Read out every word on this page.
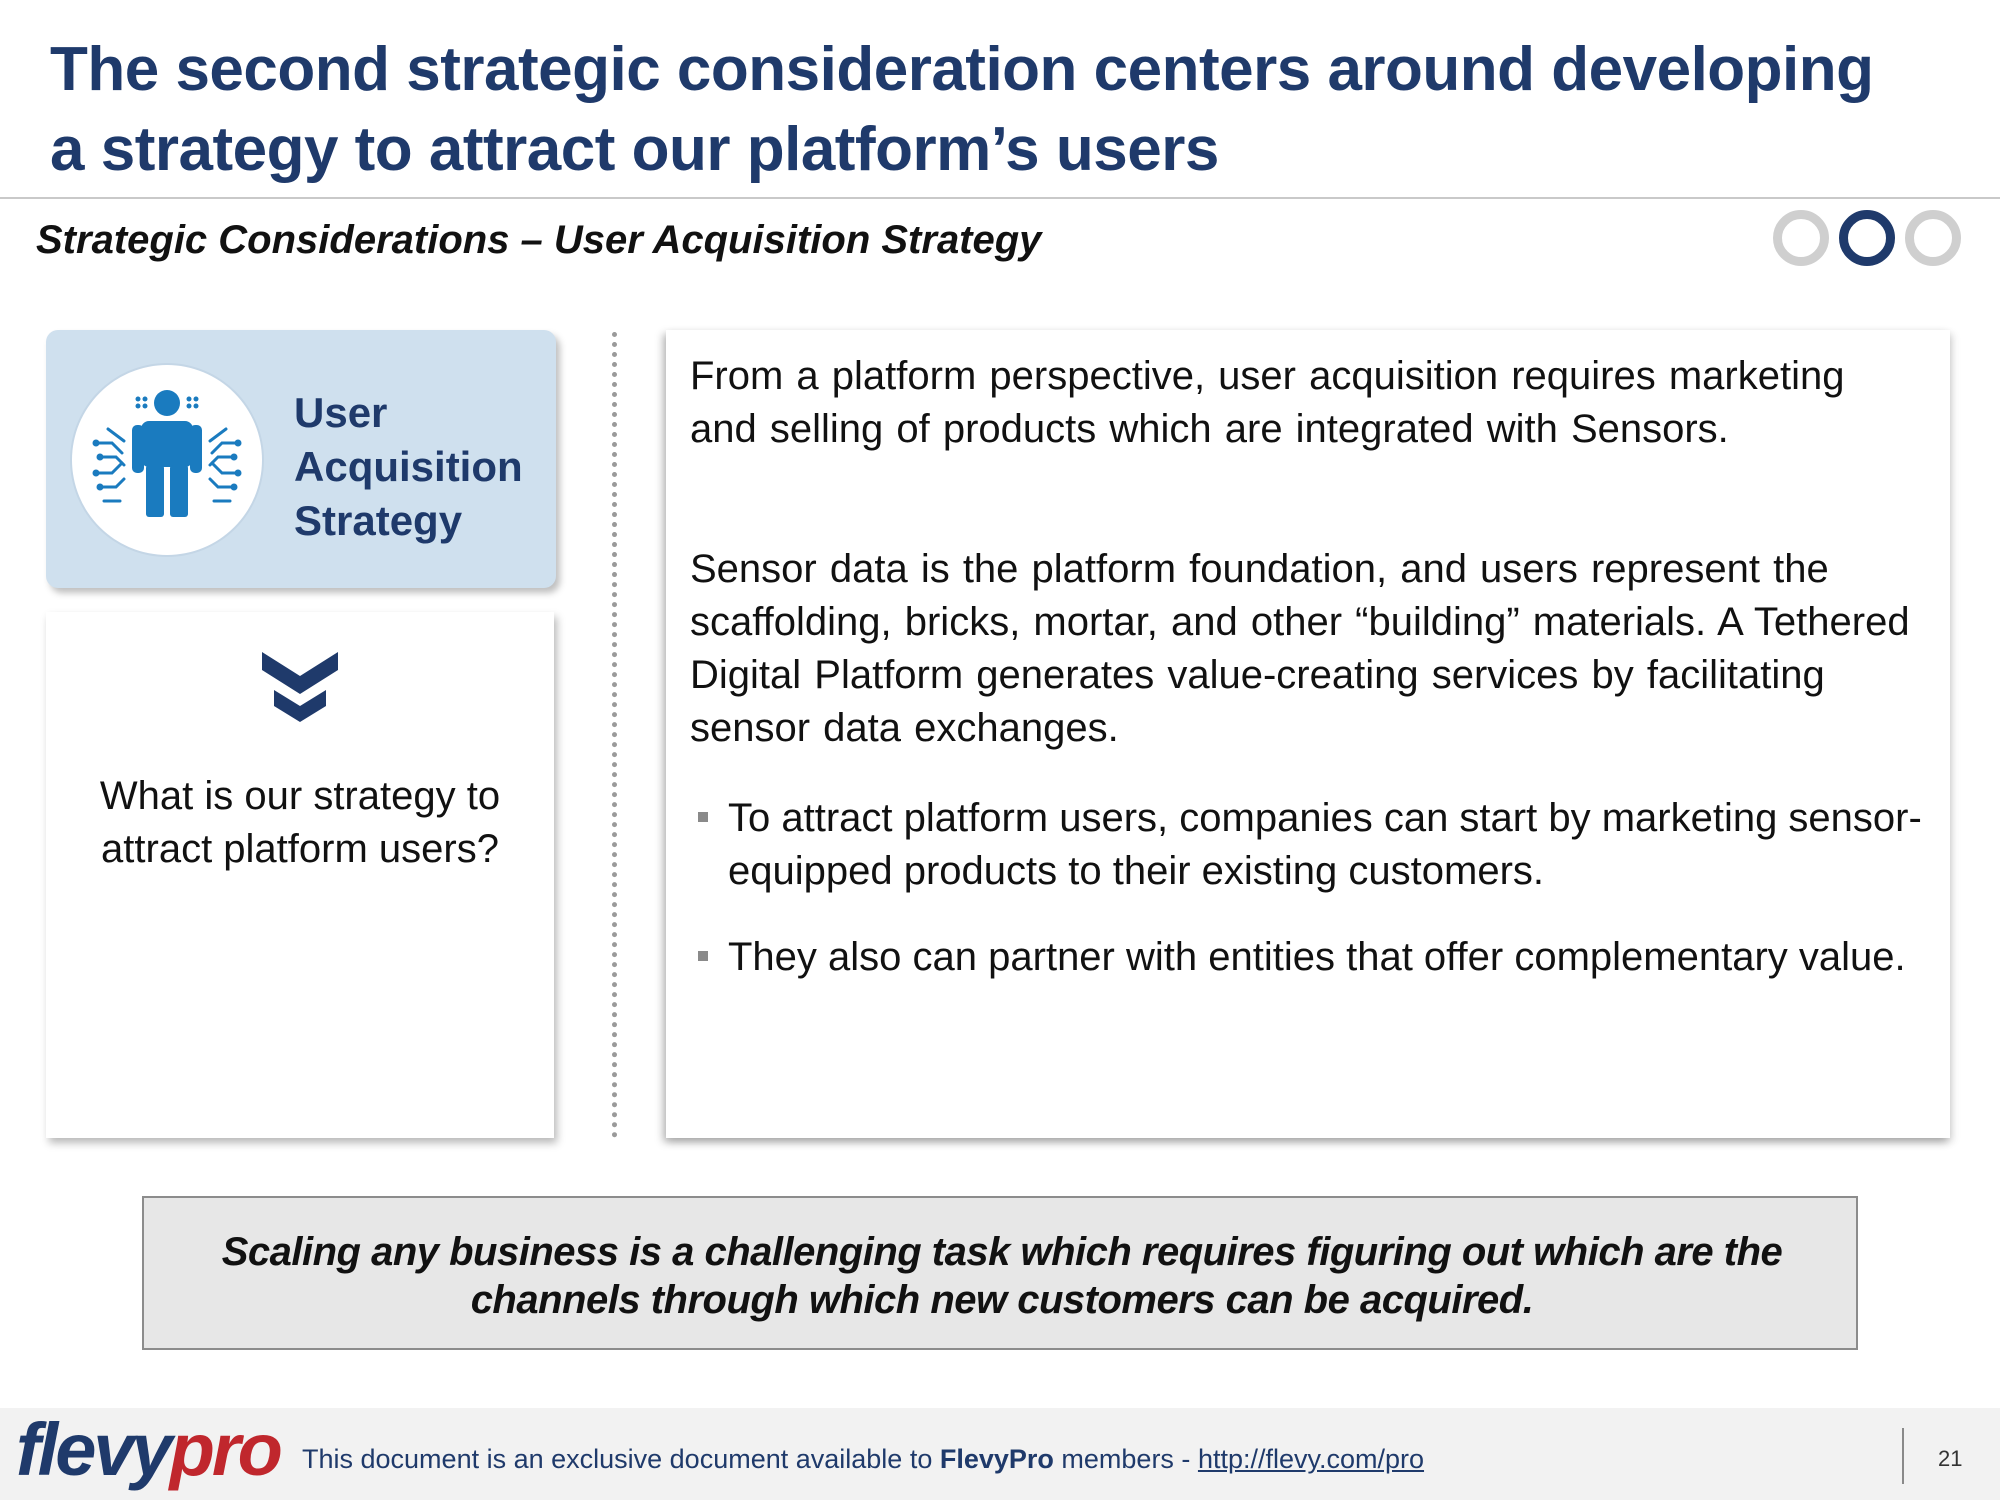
The second strategic consideration centers around developing a strategy to attract our platform’s users
Strategic Considerations – User Acquisition Strategy
User
Acquisition
Strategy
What is our strategy to attract platform users?
From a platform perspective, user acquisition requires marketing and selling of products which are integrated with Sensors.
Sensor data is the platform foundation, and users represent the scaffolding, bricks, mortar, and other “building” materials. A Tethered Digital Platform generates value-creating services by facilitating sensor data exchanges.
To attract platform users, companies can start by marketing sensor-equipped products to their existing customers.
They also can partner with entities that offer complementary value.
Scaling any business is a challenging task which requires figuring out which are the channels through which new customers can be acquired.
flevypro This document is an exclusive document available to FlevyPro members - http://flevy.com/pro	21
